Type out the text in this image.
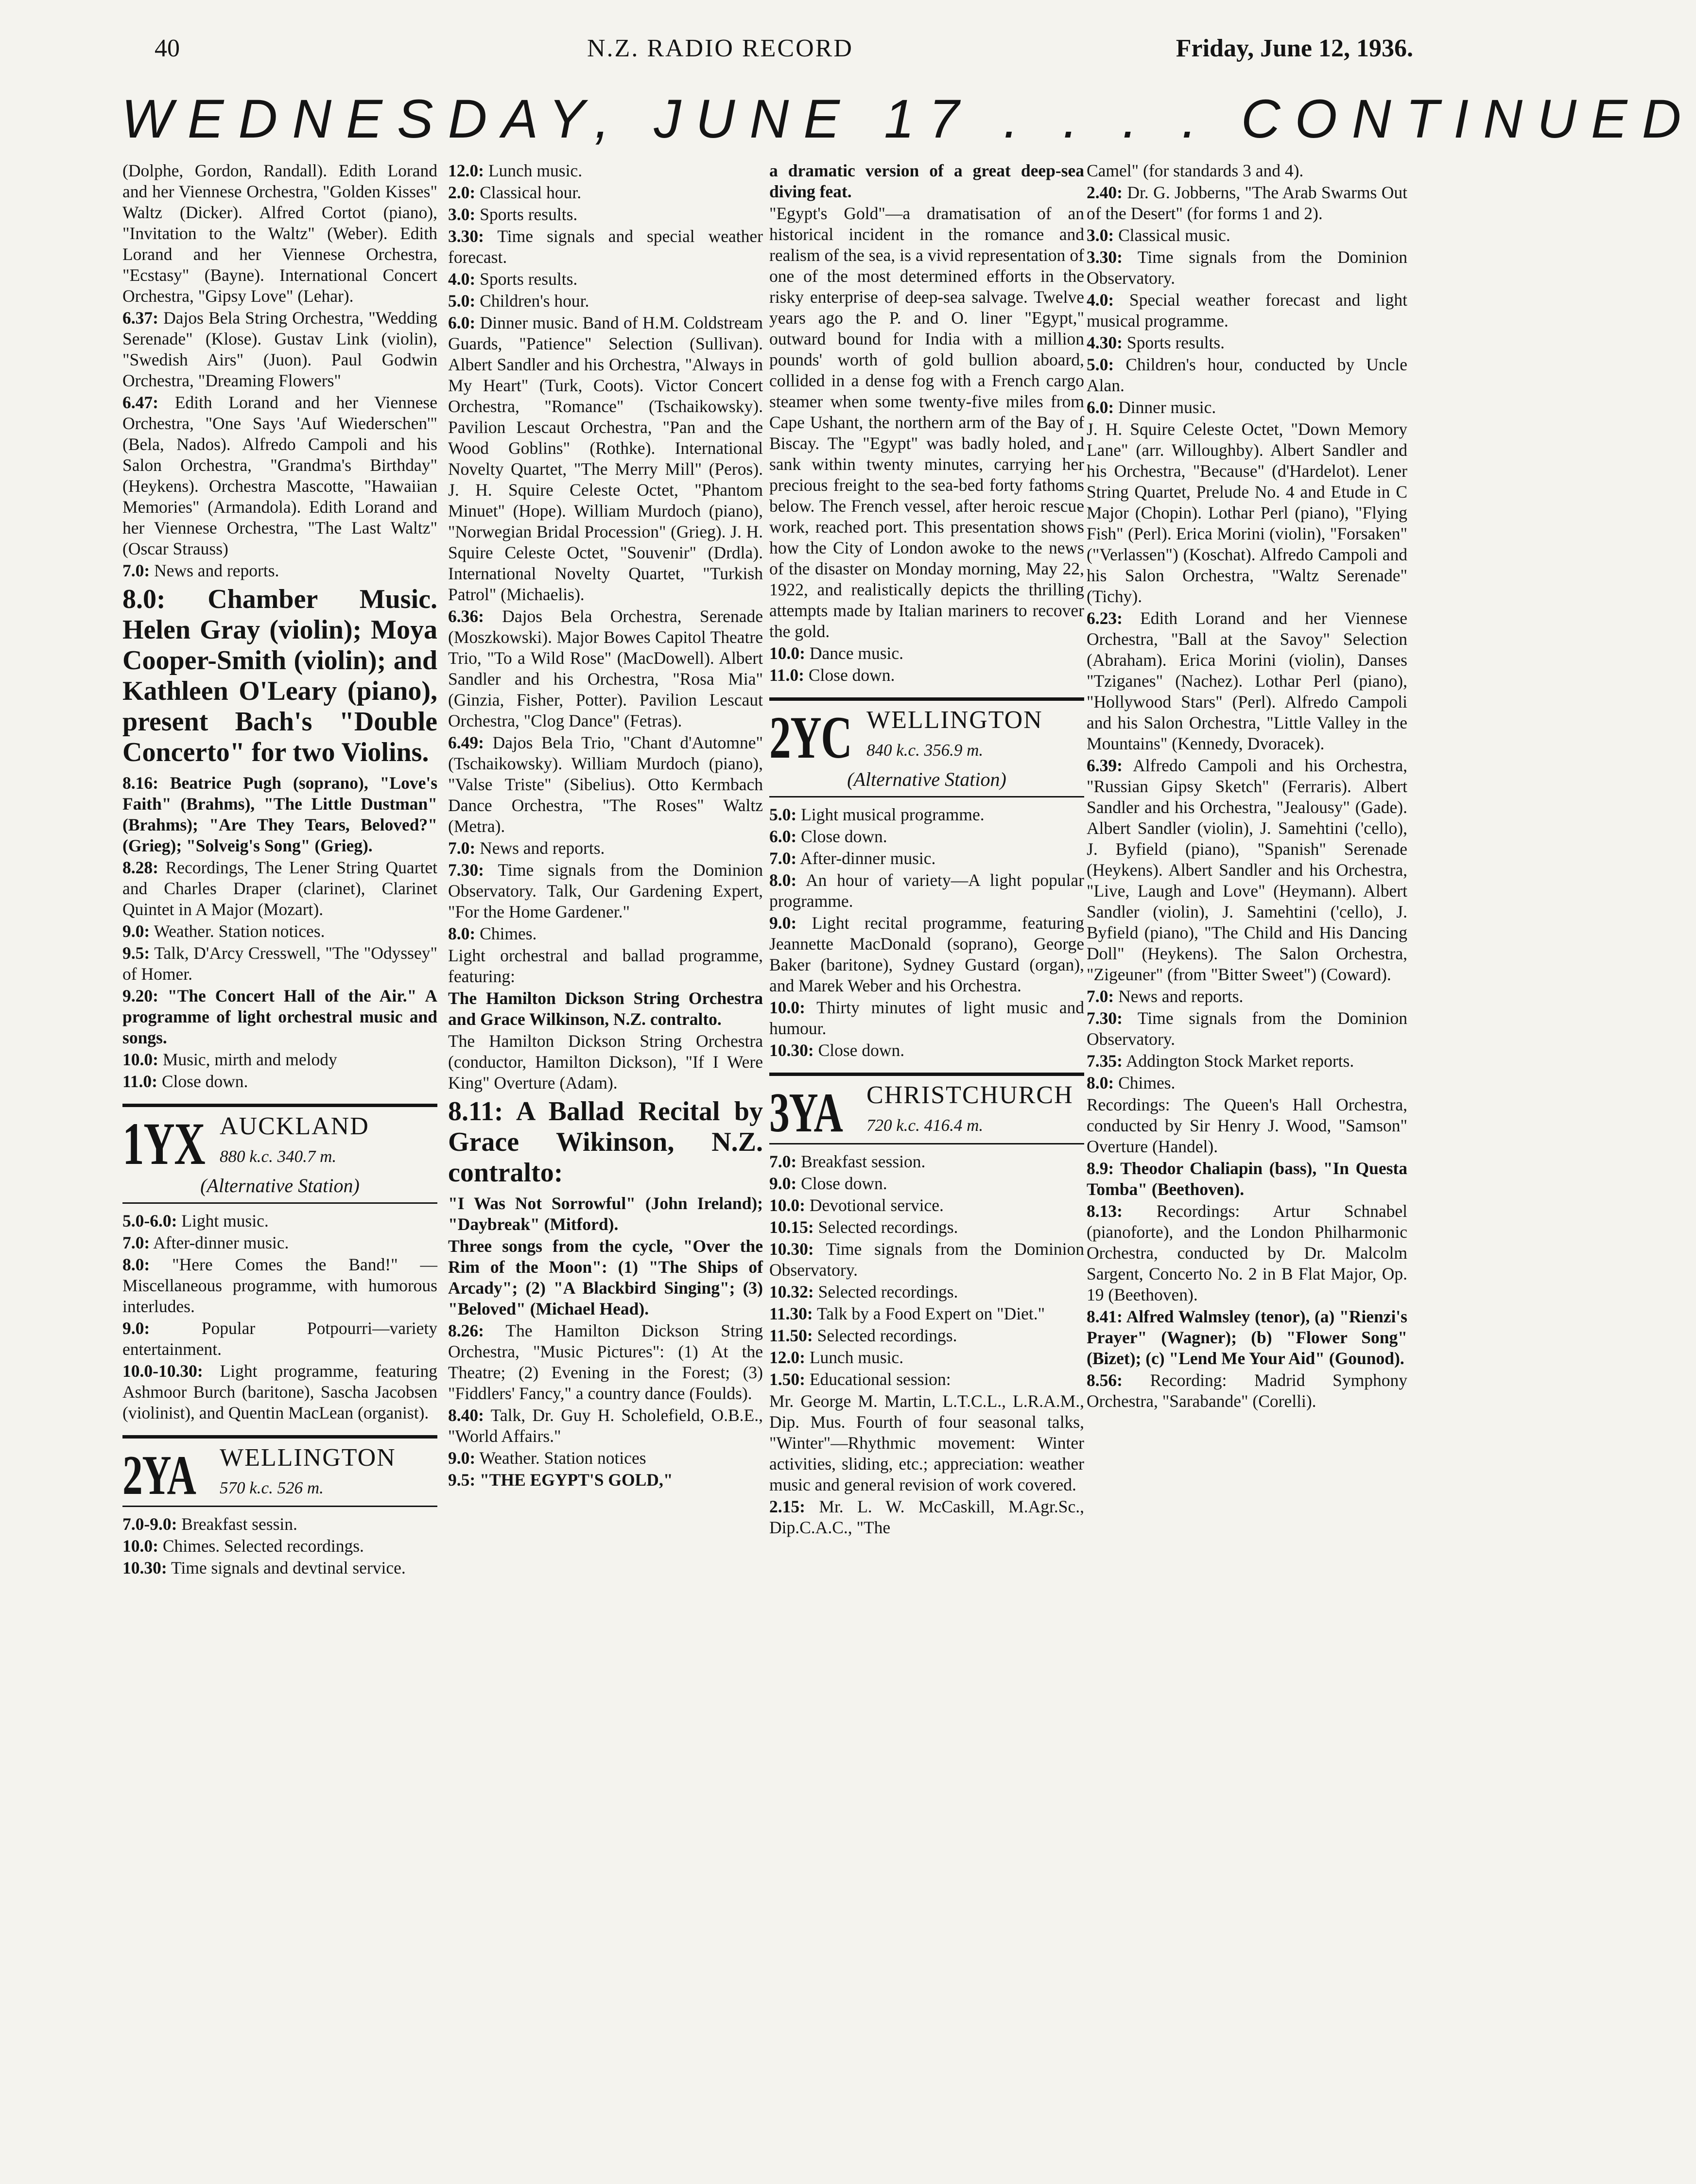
40	N.Z. RADIO RECORD	Friday, June 12, 1936.
WEDNESDAY, JUNE 17 . . . . CONTINUED

(Dolphe, Gordon, Randall). Edith Lorand and her Viennese Orchestra, "Golden Kisses" Waltz (Dicker). Alfred Cortot (piano), "Invitation to the Waltz" (Weber). Edith Lorand and her Viennese Orchestra, "Ecstasy" (Bayne). International Concert Orchestra, "Gipsy Love" (Lehar).

6.37: Dajos Bela String Orchestra, "Wedding Serenade" (Klose). Gustav Link (violin), "Swedish Airs" (Juon). Paul Godwin Orchestra, "Dreaming Flowers"

6.47: Edith Lorand and her Viennese Orchestra, "One Says 'Auf Wiederschen'" (Bela, Nados). Alfredo Campoli and his Salon Orchestra, "Grandma's Birthday" (Heykens). Orchestra Mascotte, "Hawaiian Memories" (Armandola). Edith Lorand and her Viennese Orchestra, "The Last Waltz" (Oscar Strauss)

7.0: News and reports.

8.0: Chamber Music. Helen Gray (violin); Moya Cooper-Smith (violin); and Kathleen O'Leary (piano), present Bach's "Double Concerto" for two Violins.

8.16: Beatrice Pugh (soprano), "Love's Faith" (Brahms), "The Little Dustman" (Brahms); "Are They Tears, Beloved?" (Grieg); "Solveig's Song" (Grieg).

8.28: Recordings, The Lener String Quartet and Charles Draper (clarinet), Clarinet Quintet in A Major (Mozart).

9.0: Weather. Station notices.

9.5: Talk, D'Arcy Cresswell, "The "Odyssey" of Homer.

9.20: "The Concert Hall of the Air." A programme of light orchestral music and songs.

10.0: Music, mirth and melody

11.0: Close down.

1YX AUCKLAND
880 k.c. 340.7 m.
(Alternative Station)

5.0-6.0: Light music.

7.0: After-dinner music.

8.0: "Here Comes the Band!" —Miscellaneous programme, with humorous interludes.

9.0:	Popular Potpourri—variety entertainment.

10.0-10.30: Light programme, featuring Ashmoor Burch (baritone), Sascha Jacobsen (violinist), and Quentin MacLean (organist).

2YA WELLINGTON
570 k.c. 526 m.

7.0-9.0: Breakfast sessin.

10.0: Chimes. Selected recordings.

10.30: Time signals and devtinal service.

12.0: Lunch music.

2.0: Classical hour.

3.0: Sports results.

3.30: Time signals and special weather forecast.

4.0: Sports results.

5.0: Children's hour.

6.0: Dinner music. Band of H.M. Coldstream Guards, "Patience" Selection (Sullivan). Albert Sandler and his Orchestra, "Always in My Heart" (Turk, Coots). Victor Concert Orchestra, "Romance" (Tschaikowsky). Pavilion Lescaut Orchestra, "Pan and the Wood Goblins" (Rothke). International Novelty Quartet, "The Merry Mill" (Peros). J. H. Squire Celeste Octet, "Phantom Minuet" (Hope). William Murdoch (piano), "Norwegian Bridal Procession" (Grieg). J. H. Squire Celeste Octet, "Souvenir" (Drdla). International Novelty Quartet, "Turkish Patrol" (Michaelis).

6.36: Dajos Bela Orchestra, Serenade (Moszkowski). Major Bowes Capitol Theatre Trio, "To a Wild Rose" (MacDowell). Albert Sandler and his Orchestra, "Rosa Mia" (Ginzia, Fisher, Potter). Pavilion Lescaut Orchestra, "Clog Dance" (Fetras).

6.49: Dajos Bela Trio, "Chant d'Automne" (Tschaikowsky). William Murdoch (piano), "Valse Triste" (Sibelius). Otto Kermbach Dance Orchestra, "The Roses" Waltz (Metra).

7.0: News and reports.

7.30: Time signals from the Dominion Observatory. Talk, Our Gardening Expert, "For the Home Gardener."

8.0: Chimes.

Light orchestral and ballad programme, featuring:

The Hamilton Dickson String Orchestra and Grace Wilkinson, N.Z. contralto.

The Hamilton Dickson String Orchestra (conductor, Hamilton Dickson), "If I Were King" Overture (Adam).

8.11: A Ballad Recital by Grace Wikinson, N.Z. contralto:

"I Was Not Sorrowful" (John Ireland); "Daybreak" (Mitford).

Three songs from the cycle, "Over the Rim of the Moon": (1) "The Ships of Arcady"; (2) "A Blackbird Singing"; (3) "Beloved" (Michael Head).

8.26: The Hamilton Dickson String Orchestra, "Music Pictures": (1) At the Theatre; (2) Evening in the Forest; (3) "Fiddlers' Fancy," a country dance (Foulds).

8.40: Talk, Dr. Guy H. Scholefield, O.B.E., "World Affairs."

9.0: Weather. Station notices

9.5: "THE EGYPT'S GOLD,"

a dramatic version of a great deep-sea diving feat.

"Egypt's Gold"—a dramatisation of an historical incident in the romance and realism of the sea, is a vivid representation of one of the most determined efforts in the risky enterprise of deep-sea salvage. Twelve years ago the P. and O. liner "Egypt," outward bound for India with a million pounds' worth of gold bullion aboard, collided in a dense fog with a French cargo steamer when some twenty-five miles from Cape Ushant, the northern arm of the Bay of Biscay. The "Egypt" was badly holed, and sank within twenty minutes, carrying her precious freight to the sea-bed forty fathoms below. The French vessel, after heroic rescue work, reached port. This presentation shows how the City of London awoke to the news of the disaster on Monday morning, May 22, 1922, and realistically depicts the thrilling attempts made by Italian mariners to recover the gold.

10.0: Dance music.

11.0: Close down.

2YC WELLINGTON
840 k.c. 356.9 m.
(Alternative Station)

5.0: Light musical programme.

6.0: Close down.

7.0: After-dinner music.

8.0: An hour of variety—A light popular programme.

9.0: Light recital programme, featuring Jeannette MacDonald (soprano), George Baker (baritone), Sydney Gustard (organ), and Marek Weber and his Orchestra.

10.0: Thirty minutes of light music and humour.

10.30: Close down.

3YA CHRISTCHURCH
720 k.c. 416.4 m.

7.0: Breakfast session.

9.0: Close down.

10.0: Devotional service.

10.15: Selected recordings.

10.30: Time signals from the Dominion Observatory.

10.32: Selected recordings.

11.30: Talk by a Food Expert on "Diet."

11.50: Selected recordings.

12.0: Lunch music.

1.50: Educational session:

Mr. George M. Martin, L.T.C.L., L.R.A.M., Dip. Mus. Fourth of four seasonal talks, "Winter"—Rhythmic movement: Winter activities, sliding, etc.; appreciation: weather music and general revision of work covered.

2.15: Mr. L. W. McCaskill, M.Agr.Sc., Dip.C.A.C., "The

Camel" (for standards 3 and 4).

2.40: Dr. G. Jobberns, "The Arab Swarms Out of the Desert" (for forms 1 and 2).

3.0: Classical music.

3.30: Time signals from the Dominion Observatory.

4.0: Special weather forecast and light musical programme.

4.30: Sports results.

5.0: Children's hour, conducted by Uncle Alan.

6.0: Dinner music.

J. H. Squire Celeste Octet, "Down Memory Lane" (arr. Willoughby). Albert Sandler and his Orchestra, "Because" (d'Hardelot). Lener String Quartet, Prelude No. 4 and Etude in C Major (Chopin). Lothar Perl (piano), "Flying Fish" (Perl). Erica Morini (violin), "Forsaken" ("Verlassen") (Koschat). Alfredo Campoli and his Salon Orchestra, "Waltz Serenade" (Tichy).

6.23: Edith Lorand and her Viennese Orchestra, "Ball at the Savoy" Selection (Abraham). Erica Morini (violin), Danses "Tziganes" (Nachez). Lothar Perl (piano), "Hollywood Stars" (Perl). Alfredo Campoli and his Salon Orchestra, "Little Valley in the Mountains" (Kennedy, Dvoracek).

6.39: Alfredo Campoli and his Orchestra, "Russian Gipsy Sketch" (Ferraris). Albert Sandler and his Orchestra, "Jealousy" (Gade). Albert Sandler (violin), J. Samehtini ('cello), J. Byfield (piano), "Spanish" Serenade (Heykens). Albert Sandler and his Orchestra, "Live, Laugh and Love" (Heymann). Albert Sandler (violin), J. Samehtini ('cello), J. Byfield (piano), "The Child and His Dancing Doll" (Heykens). The Salon Orchestra, "Zigeuner" (from "Bitter Sweet") (Coward).

7.0: News and reports.

7.30: Time signals from the Dominion Observatory.

7.35: Addington Stock Market reports.

8.0: Chimes.

Recordings: The Queen's Hall Orchestra, conducted by Sir Henry J. Wood, "Samson" Overture (Handel).

8.9: Theodor Chaliapin (bass), "In Questa Tomba" (Beethoven).

8.13: Recordings: Artur Schnabel (pianoforte), and the London Philharmonic Orchestra, conducted by Dr. Malcolm Sargent, Concerto No. 2 in B Flat Major, Op. 19 (Beethoven).

8.41: Alfred Walmsley (tenor), (a) "Rienzi's Prayer" (Wagner); (b) "Flower Song" (Bizet); (c) "Lend Me Your Aid" (Gounod).

8.56: Recording: Madrid Symphony Orchestra, "Sarabande" (Corelli).
